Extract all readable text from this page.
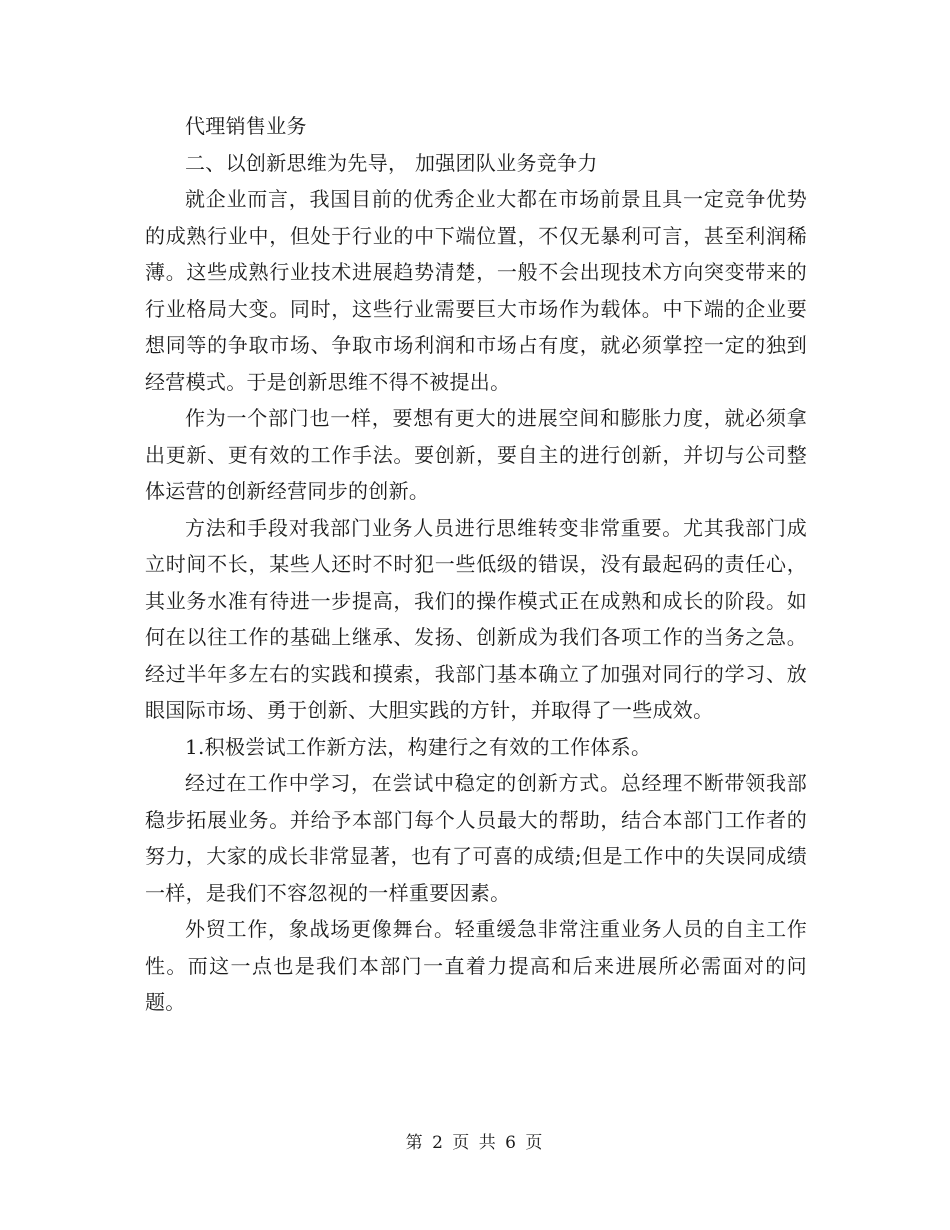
代理销售业务

二、以创新思维为先导， 加强团队业务竞争力

就企业而言，我国目前的优秀企业大都在市场前景且具一定竞争优势的成熟行业中，但处于行业的中下端位置，不仅无暴利可言，甚至利润稀薄。这些成熟行业技术进展趋势清楚，一般不会出现技术方向突变带来的行业格局大变。同时，这些行业需要巨大市场作为载体。中下端的企业要想同等的争取市场、争取市场利润和市场占有度，就必须掌控一定的独到经营模式。于是创新思维不得不被提出。

作为一个部门也一样，要想有更大的进展空间和膨胀力度，就必须拿出更新、更有效的工作手法。要创新，要自主的进行创新，并切与公司整体运营的创新经营同步的创新。

方法和手段对我部门业务人员进行思维转变非常重要。尤其我部门成立时间不长，某些人还时不时犯一些低级的错误，没有最起码的责任心，其业务水准有待进一步提高，我们的操作模式正在成熟和成长的阶段。如何在以往工作的基础上继承、发扬、创新成为我们各项工作的当务之急。经过半年多左右的实践和摸索，我部门基本确立了加强对同行的学习、放眼国际市场、勇于创新、大胆实践的方针，并取得了一些成效。

1.积极尝试工作新方法，构建行之有效的工作体系。

经过在工作中学习，在尝试中稳定的创新方式。总经理不断带领我部稳步拓展业务。并给予本部门每个人员最大的帮助，结合本部门工作者的努力，大家的成长非常显著，也有了可喜的成绩;但是工作中的失误同成绩一样，是我们不容忽视的一样重要因素。

外贸工作，象战场更像舞台。轻重缓急非常注重业务人员的自主工作性。而这一点也是我们本部门一直着力提高和后来进展所必需面对的问题。

第 2 页 共 6 页
